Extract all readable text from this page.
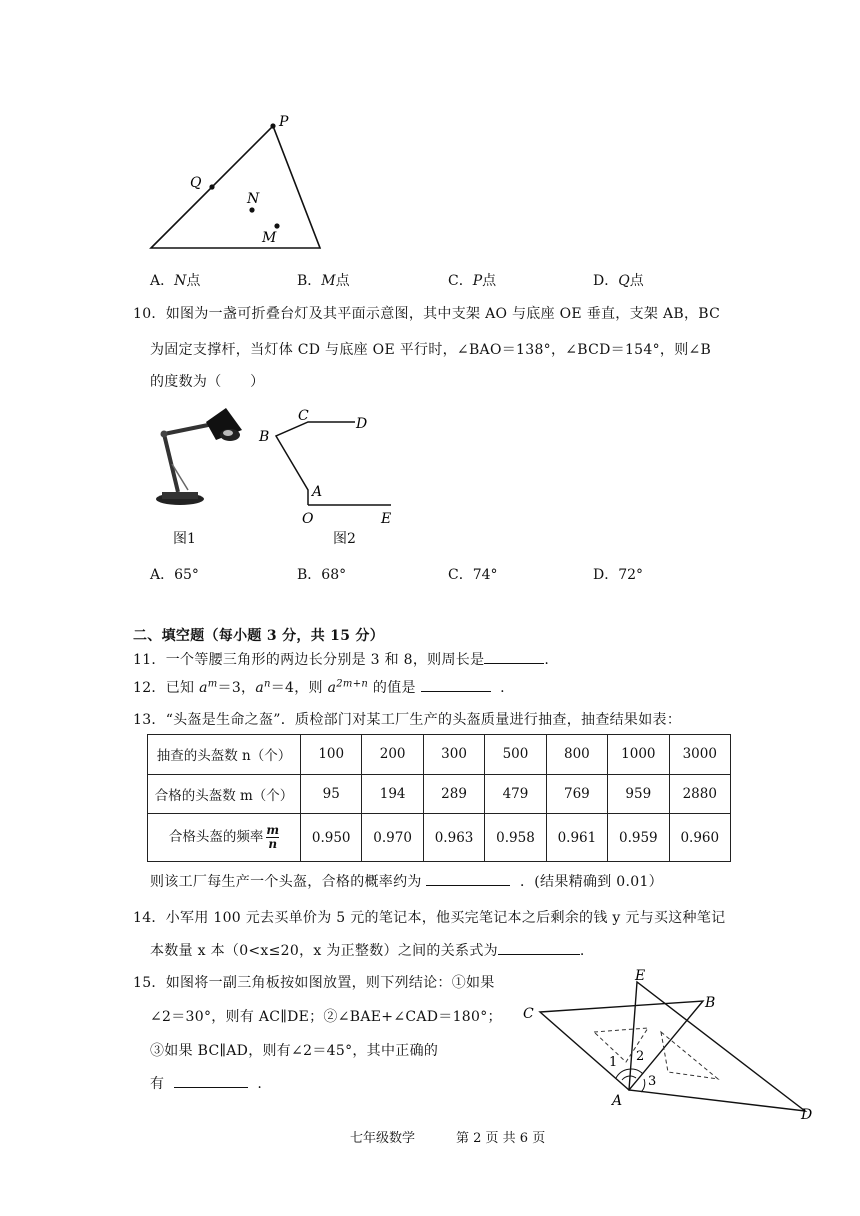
P
Q
N
M
A．N点	B．M点	C．P点	D．Q点
10．如图为一盏可折叠台灯及其平面示意图，其中支架 AO 与底座 OE 垂直，支架 AB，BC
为固定支撑杆，当灯体 CD 与底座 OE 平行时，∠BAO＝138°，∠BCD＝154°，则∠B
的度数为（　　）
C	D
B
A
O	E
图1	图2
A．65°	B．68°	C．74°	D．72°
二、填空题（每小题 3 分，共 15 分）
11．一个等腰三角形的两边长分别是 3 和 8，则周长是	.
12．已知 $a^m=3$，$a^n=4$，则 $a^{2m+n}$ 的值是	.
13．“头盔是生命之盔”．质检部门对某工厂生产的头盔质量进行抽查，抽查结果如表：
抽查的头盔数 n（个）	100	200	300	500	800	1000	3000
合格的头盔数 m（个）	95	194	289	479	769	959	2880
合格头盔的频率 $\frac{m}{n}$	0.950	0.970	0.963	0.958	0.961	0.959	0.960
则该工厂每生产一个头盔，合格的概率约为	．(结果精确到 0.01）
14．小军用 100 元去买单价为 5 元的笔记本，他买完笔记本之后剩余的钱 y 元与买这种笔记
本数量 x 本（0<x≤20，x 为正整数）之间的关系式为	.
15．如图将一副三角板按如图放置，则下列结论：①如果
∠2＝30°，则有 AC∥DE；②∠BAE+∠CAD＝180°；
③如果 BC∥AD，则有∠2＝45°，其中正确的
有	.
E
B
C
A
D
1 2
3
七年级数学	第 2 页 共 6 页
